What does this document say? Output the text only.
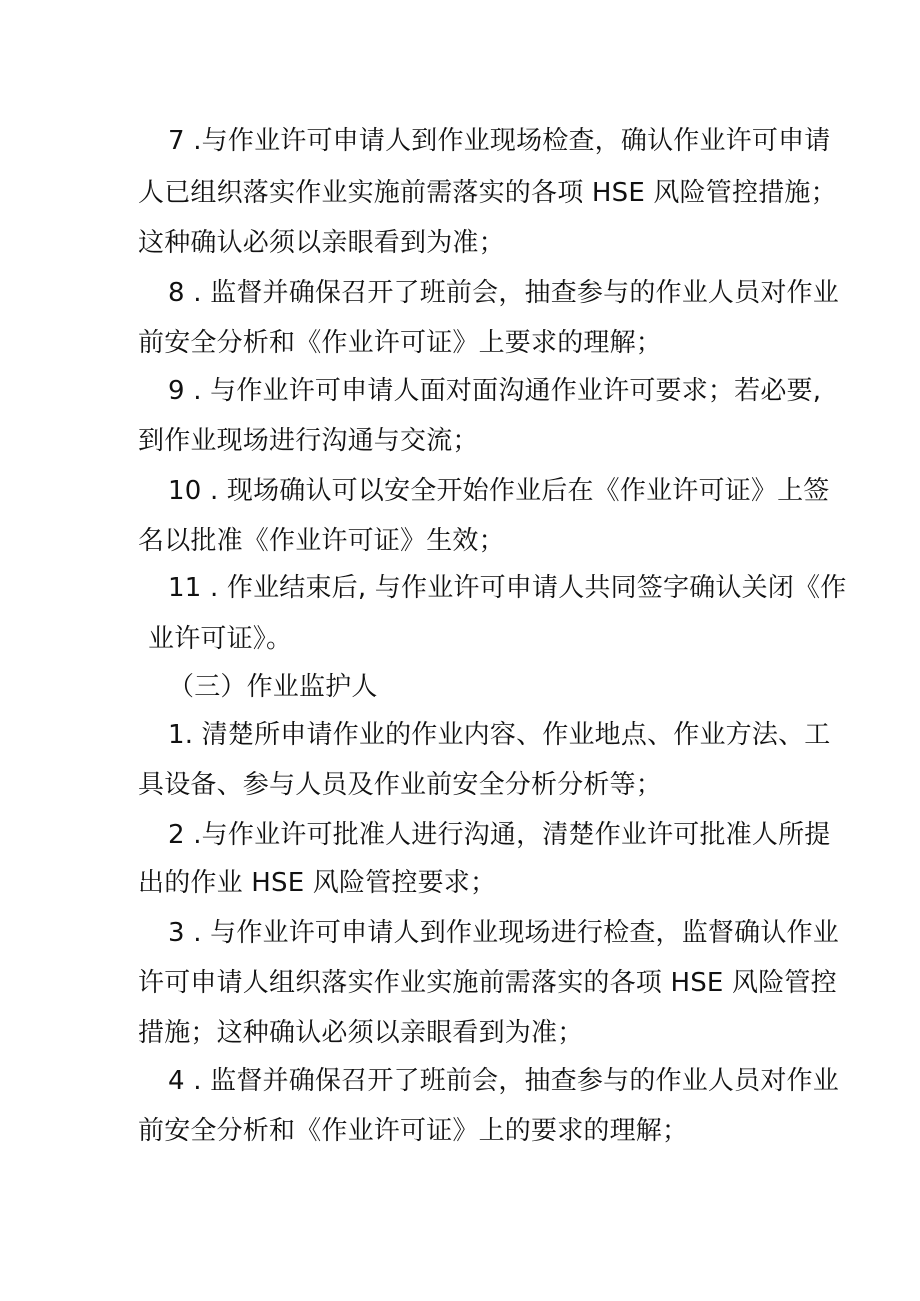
7 .与作业许可申请人到作业现场检查，确认作业许可申请
人已组织落实作业实施前需落实的各项 HSE 风险管控措施；
这种确认必须以亲眼看到为准；
8 . 监督并确保召开了班前会，抽查参与的作业人员对作业
前安全分析和《作业许可证》上要求的理解；
9 . 与作业许可申请人面对面沟通作业许可要求；若必要,
到作业现场进行沟通与交流；
10 . 现场确认可以安全开始作业后在《作业许可证》上签
名以批准《作业许可证》生效；
11 . 作业结束后, 与作业许可申请人共同签字确认关闭《作
业许可证》。
（三）作业监护人
1. 清楚所申请作业的作业内容、作业地点、作业方法、工
具设备、参与人员及作业前安全分析分析等；
2 .与作业许可批准人进行沟通，清楚作业许可批准人所提
出的作业 HSE 风险管控要求；
3 . 与作业许可申请人到作业现场进行检查，监督确认作业
许可申请人组织落实作业实施前需落实的各项 HSE 风险管控
措施；这种确认必须以亲眼看到为准；
4 . 监督并确保召开了班前会，抽查参与的作业人员对作业
前安全分析和《作业许可证》上的要求的理解；
